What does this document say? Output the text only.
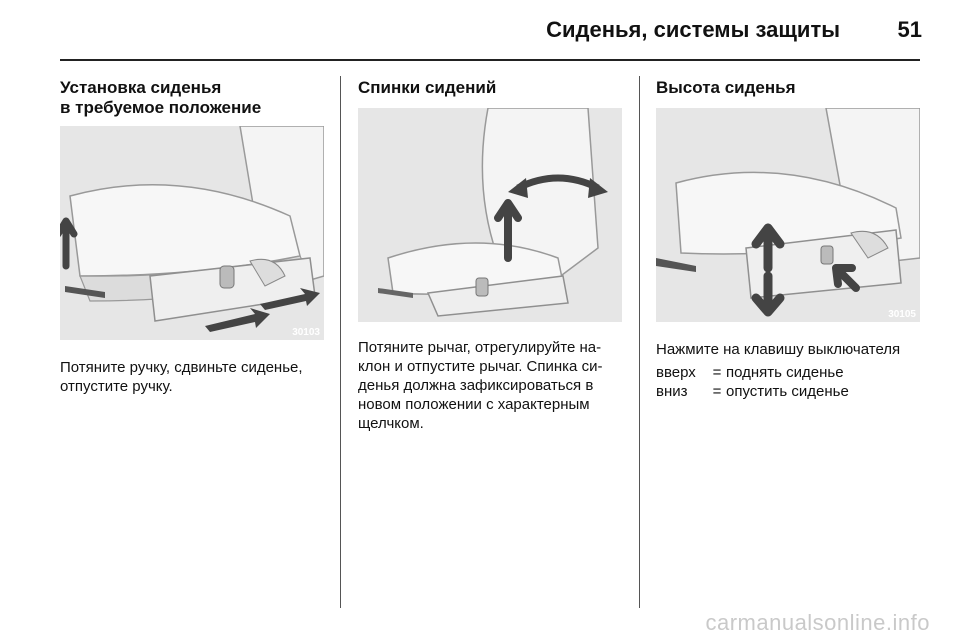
Сиденья, системы защиты	51
Установка сиденья
в требуемое положение
30103

Потяните ручку, сдвиньте сиденье, отпустите ручку.

Спинки сидений

Потяните рычаг, отрегулируйте на-клон и отпустите рычаг. Спинка си-денья должна зафиксироваться в новом положении с характерным щелчком.

Высота сиденья
30105

Нажмите на клавишу выключателя

вверх	=	поднять сиденье
вниз	=	опустить сиденье
carmanualsonline.info
